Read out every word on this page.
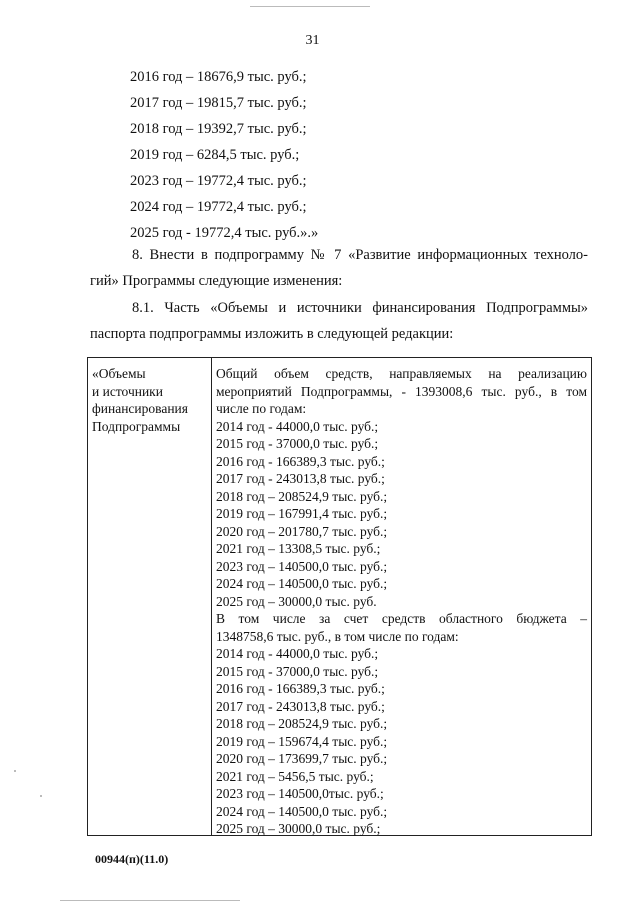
31
2016 год – 18676,9 тыс. руб.;
2017 год – 19815,7 тыс. руб.;
2018 год – 19392,7 тыс. руб.;
2019 год – 6284,5 тыс. руб.;
2023 год – 19772,4 тыс. руб.;
2024 год – 19772,4 тыс. руб.;
2025 год - 19772,4 тыс. руб.».»
8. Внести в подпрограмму № 7 «Развитие информационных техноло-
гий» Программы следующие изменения:
8.1. Часть «Объемы и источники финансирования Подпрограммы»
паспорта подпрограммы изложить в следующей редакции:
«Объемы
и источники
финансирования
Подпрограммы
Общий объем средств, направляемых на реализацию
мероприятий Подпрограммы, - 1393008,6 тыс. руб., в том
числе по годам:
2014 год - 44000,0 тыс. руб.;
2015 год - 37000,0 тыс. руб.;
2016 год - 166389,3 тыс. руб.;
2017 год - 243013,8 тыс. руб.;
2018 год – 208524,9 тыс. руб.;
2019 год – 167991,4 тыс. руб.;
2020 год – 201780,7 тыс. руб.;
2021 год – 13308,5 тыс. руб.;
2023 год – 140500,0 тыс. руб.;
2024 год – 140500,0 тыс. руб.;
2025 год – 30000,0 тыс. руб.
В том числе за счет средств областного бюджета –
1348758,6 тыс. руб., в том числе по годам:
2014 год - 44000,0 тыс. руб.;
2015 год - 37000,0 тыс. руб.;
2016 год - 166389,3 тыс. руб.;
2017 год - 243013,8 тыс. руб.;
2018 год – 208524,9 тыс. руб.;
2019 год – 159674,4 тыс. руб.;
2020 год – 173699,7 тыс. руб.;
2021 год – 5456,5 тыс. руб.;
2023 год – 140500,0тыс. руб.;
2024 год – 140500,0 тыс. руб.;
2025 год – 30000,0 тыс. руб.;
00944(п)(11.0)
